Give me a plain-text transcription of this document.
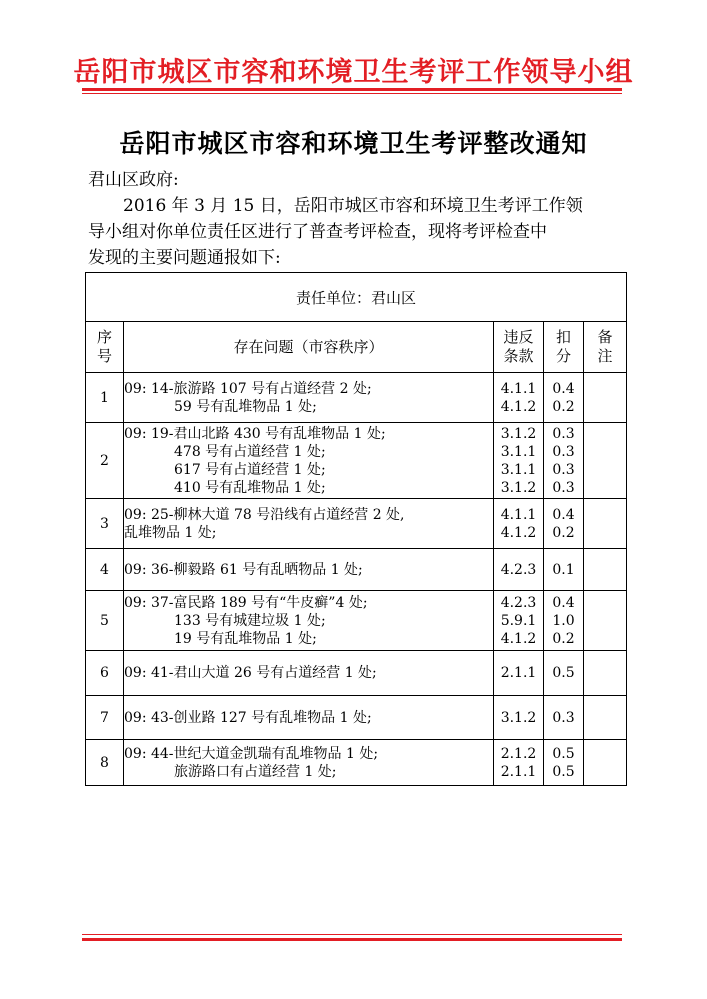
岳阳市城区市容和环境卫生考评工作领导小组
岳阳市城区市容和环境卫生考评整改通知
君山区政府:

2016 年 3 月 15 日，岳阳市城区市容和环境卫生考评工作领

导小组对你单位责任区进行了普查考评检查，现将考评检查中

发现的主要问题通报如下:

责任单位：君山区				

序
号	存在问题（市容秩序）	违反
条款	扣
分	备
注

1	09: 14-旅游路 107 号有占道经营 2 处;
59 号有乱堆物品 1 处;	4.1.1
4.1.2	0.4
0.2	

2	09: 19-君山北路 430 号有乱堆物品 1 处;
478 号有占道经营 1 处;
617 号有占道经营 1 处;
410 号有乱堆物品 1 处;	3.1.2
3.1.1
3.1.1
3.1.2	0.3
0.3
0.3
0.3	

3	09: 25-柳林大道 78 号沿线有占道经营 2 处,
乱堆物品 1 处;	4.1.1
4.1.2	0.4
0.2	

4	09: 36-柳毅路 61 号有乱晒物品 1 处;	4.2.3	0.1	

5	09: 37-富民路 189 号有“牛皮癣”4 处;
133 号有城建垃圾 1 处;
19 号有乱堆物品 1 处;	4.2.3
5.9.1
4.1.2	0.4
1.0
0.2	

6	09: 41-君山大道 26 号有占道经营 1 处;	2.1.1	0.5	

7	09: 43-创业路 127 号有乱堆物品 1 处;	3.1.2	0.3	

8	09: 44-世纪大道金凯瑞有乱堆物品 1 处;
旅游路口有占道经营 1 处;	2.1.2
2.1.1	0.5
0.5	
